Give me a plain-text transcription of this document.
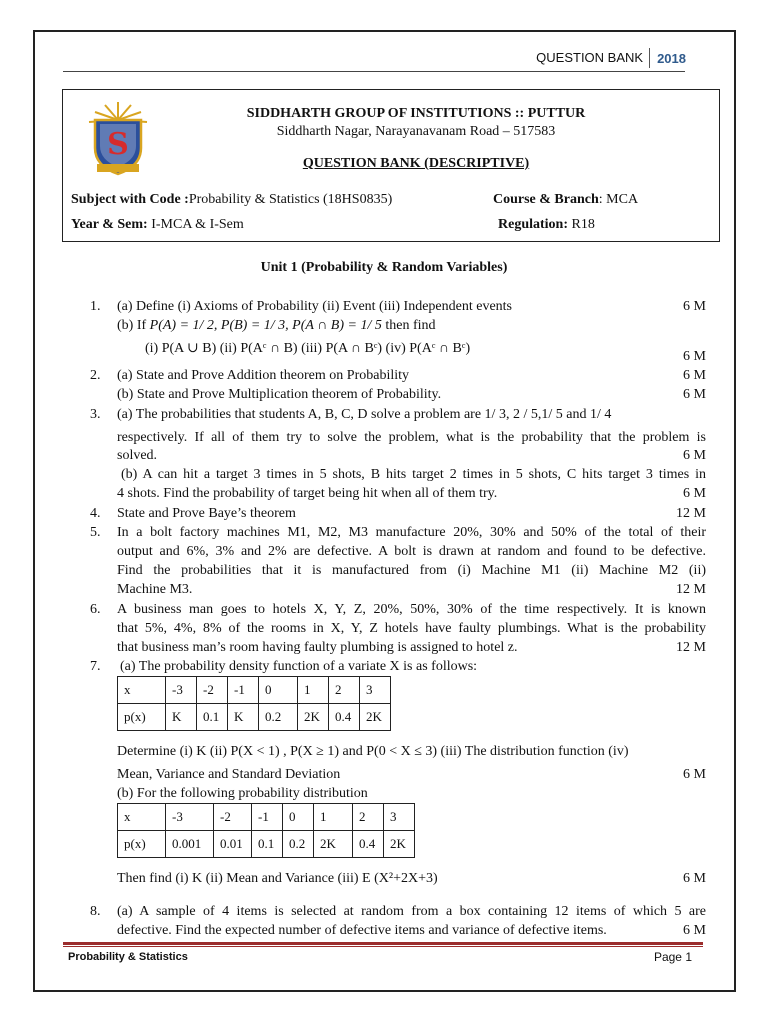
QUESTION BANK	2018
S
SIDDHARTH GROUP OF INSTITUTIONS :: PUTTUR
Siddharth Nagar, Narayanavanam Road – 517583
QUESTION BANK (DESCRIPTIVE)
Subject with Code :Probability & Statistics (18HS0835)	Course & Branch: MCA
Year & Sem: I-MCA & I-Sem	Regulation: R18
Unit 1 (Probability & Random Variables)
1. (a) Define (i) Axioms of Probability (ii) Event (iii) Independent events	6 M
(b) If P(A) = 1/ 2, P(B) = 1/ 3, P(A ∩ B) = 1/ 5 then find
(i) P(A ∪ B) (ii) P(Aᶜ ∩ B) (iii) P(A ∩ Bᶜ) (iv) P(Aᶜ ∩ Bᶜ)
6 M
2. (a) State and Prove Addition theorem on Probability	6 M
(b) State and Prove Multiplication theorem of Probability.	6 M
3. (a) The probabilities that students A, B, C, D solve a problem are 1/ 3, 2 / 5,1/ 5 and 1/ 4
respectively. If all of them try to solve the problem, what is the probability that the problem is
solved.	6 M
(b) A can hit a target 3 times in 5 shots, B hits target 2 times in 5 shots, C hits target 3 times in
4 shots. Find the probability of target being hit when all of them try.	6 M
4. State and Prove Baye’s theorem	12 M
5. In a bolt factory machines M1, M2, M3 manufacture 20%, 30% and 50% of the total of their
output and 6%, 3% and 2% are defective. A bolt is drawn at random and found to be defective.
Find the probabilities that it is manufactured from (i) Machine M1 (ii) Machine M2 (ii)
Machine M3.	12 M
6. A business man goes to hotels X, Y, Z, 20%, 50%, 30% of the time respectively. It is known
that 5%, 4%, 8% of the rooms in X, Y, Z hotels have faulty plumbings. What is the probability
that business man’s room having faulty plumbing is assigned to hotel z.	12 M
7. (a) The probability density function of a variate X is as follows:
Determine (i) K (ii) P(X < 1) , P(X ≥ 1) and P(0 < X ≤ 3) (iii) The distribution function (iv)
Mean, Variance and Standard Deviation	6 M
(b) For the following probability distribution
Then find (i) K (ii) Mean and Variance (iii) E (X²+2X+3)	6 M
x	-3	-2	-1	0	1	2	3
p(x)	K	0.1	K	0.2	2K	0.4	2K
x	-3	-2	-1	0	1	2	3
p(x)	0.001	0.01	0.1	0.2	2K	0.4	2K
8. (a) A sample of 4 items is selected at random from a box containing 12 items of which 5 are
defective. Find the expected number of defective items and variance of defective items.	6 M
Probability & Statistics	Page 1
